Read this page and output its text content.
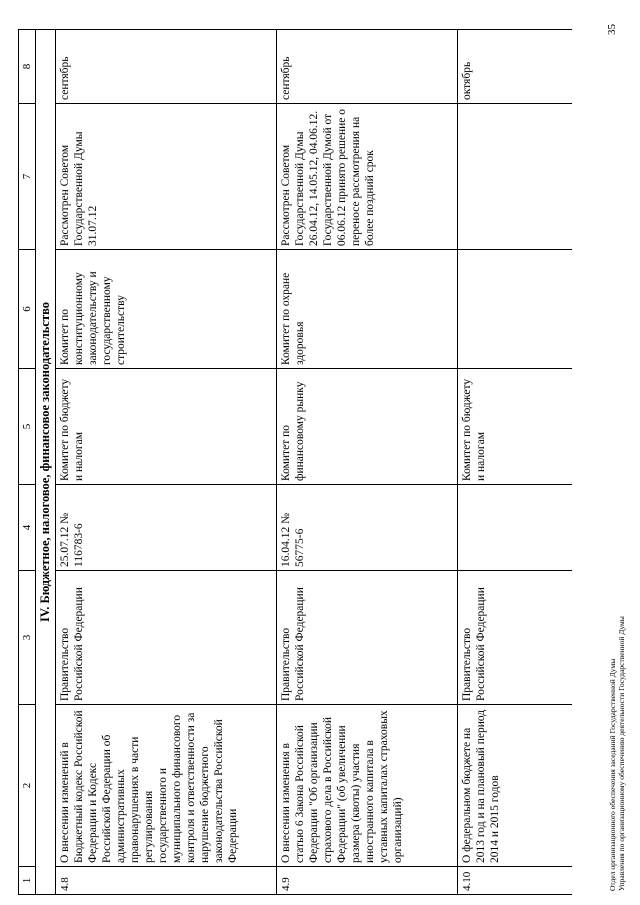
1	2	3	4	5	6	7	8
IV. Бюджетное, налоговое, финансовое законодательство							
4.8	О внесении изменений в Бюджетный кодекс Российской Федерации и Кодекс Российской Федерации об административных правонарушениях в части регулирования государственного и муниципального финансового контроля и ответственности за нарушение бюджетного законодательства Российской Федерации	Правительство Российской Федерации	25.07.12 № 116783-6	Комитет по бюджету и налогам	Комитет по конституционному законодательству и государственному строительству	Рассмотрен Советом Государственной Думы 31.07.12	сентябрь
4.9	О внесении изменения в статью 6 Закона Российской Федерации "Об организации страхового дела в Российской Федерации" (об увеличении размера (квоты) участия иностранного капитала в уставных капиталах страховых организаций)	Правительство Российской Федерации	16.04.12 № 56775-6	Комитет по финансовому рынку	Комитет по охране здоровья	Рассмотрен Советом Государственной Думы 26.04.12, 14.05.12, 04.06.12. Государственной Думой от 06.06.12 принято решение о переносе рассмотрения на более поздний срок	сентябрь
4.10	О федеральном бюджете на 2013 год и на плановый период 2014 и 2015 годов	Правительство Российской Федерации		Комитет по бюджету и налогам			октябрь
Отдел организационного обеспечения заседаний Государственной Думы Управления по организационному обеспечению деятельности Государственной Думы
35
